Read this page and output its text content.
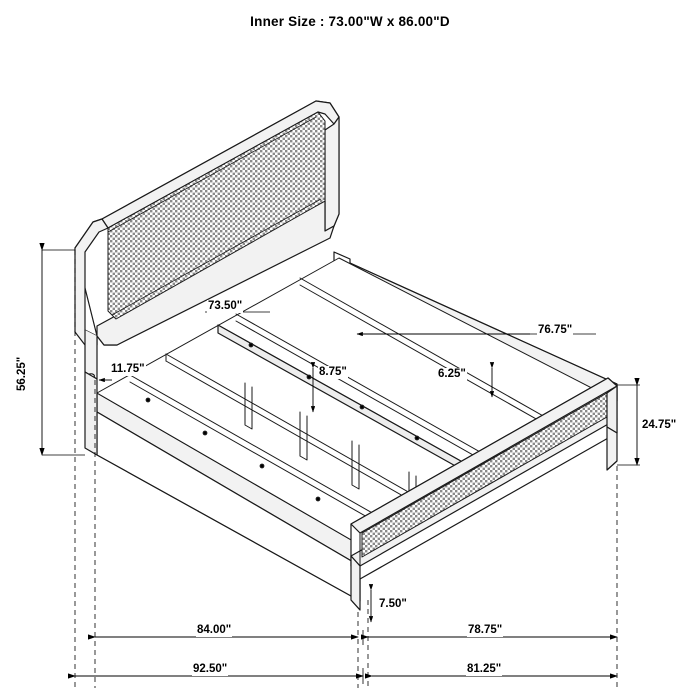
Inner Size : 73.00"W x 86.00"D
73.50"
76.75"
56.25"	11.75"	8.75"	6.25"
24.75"
7.50"
84.00"	78.75"
92.50"	81.25"
